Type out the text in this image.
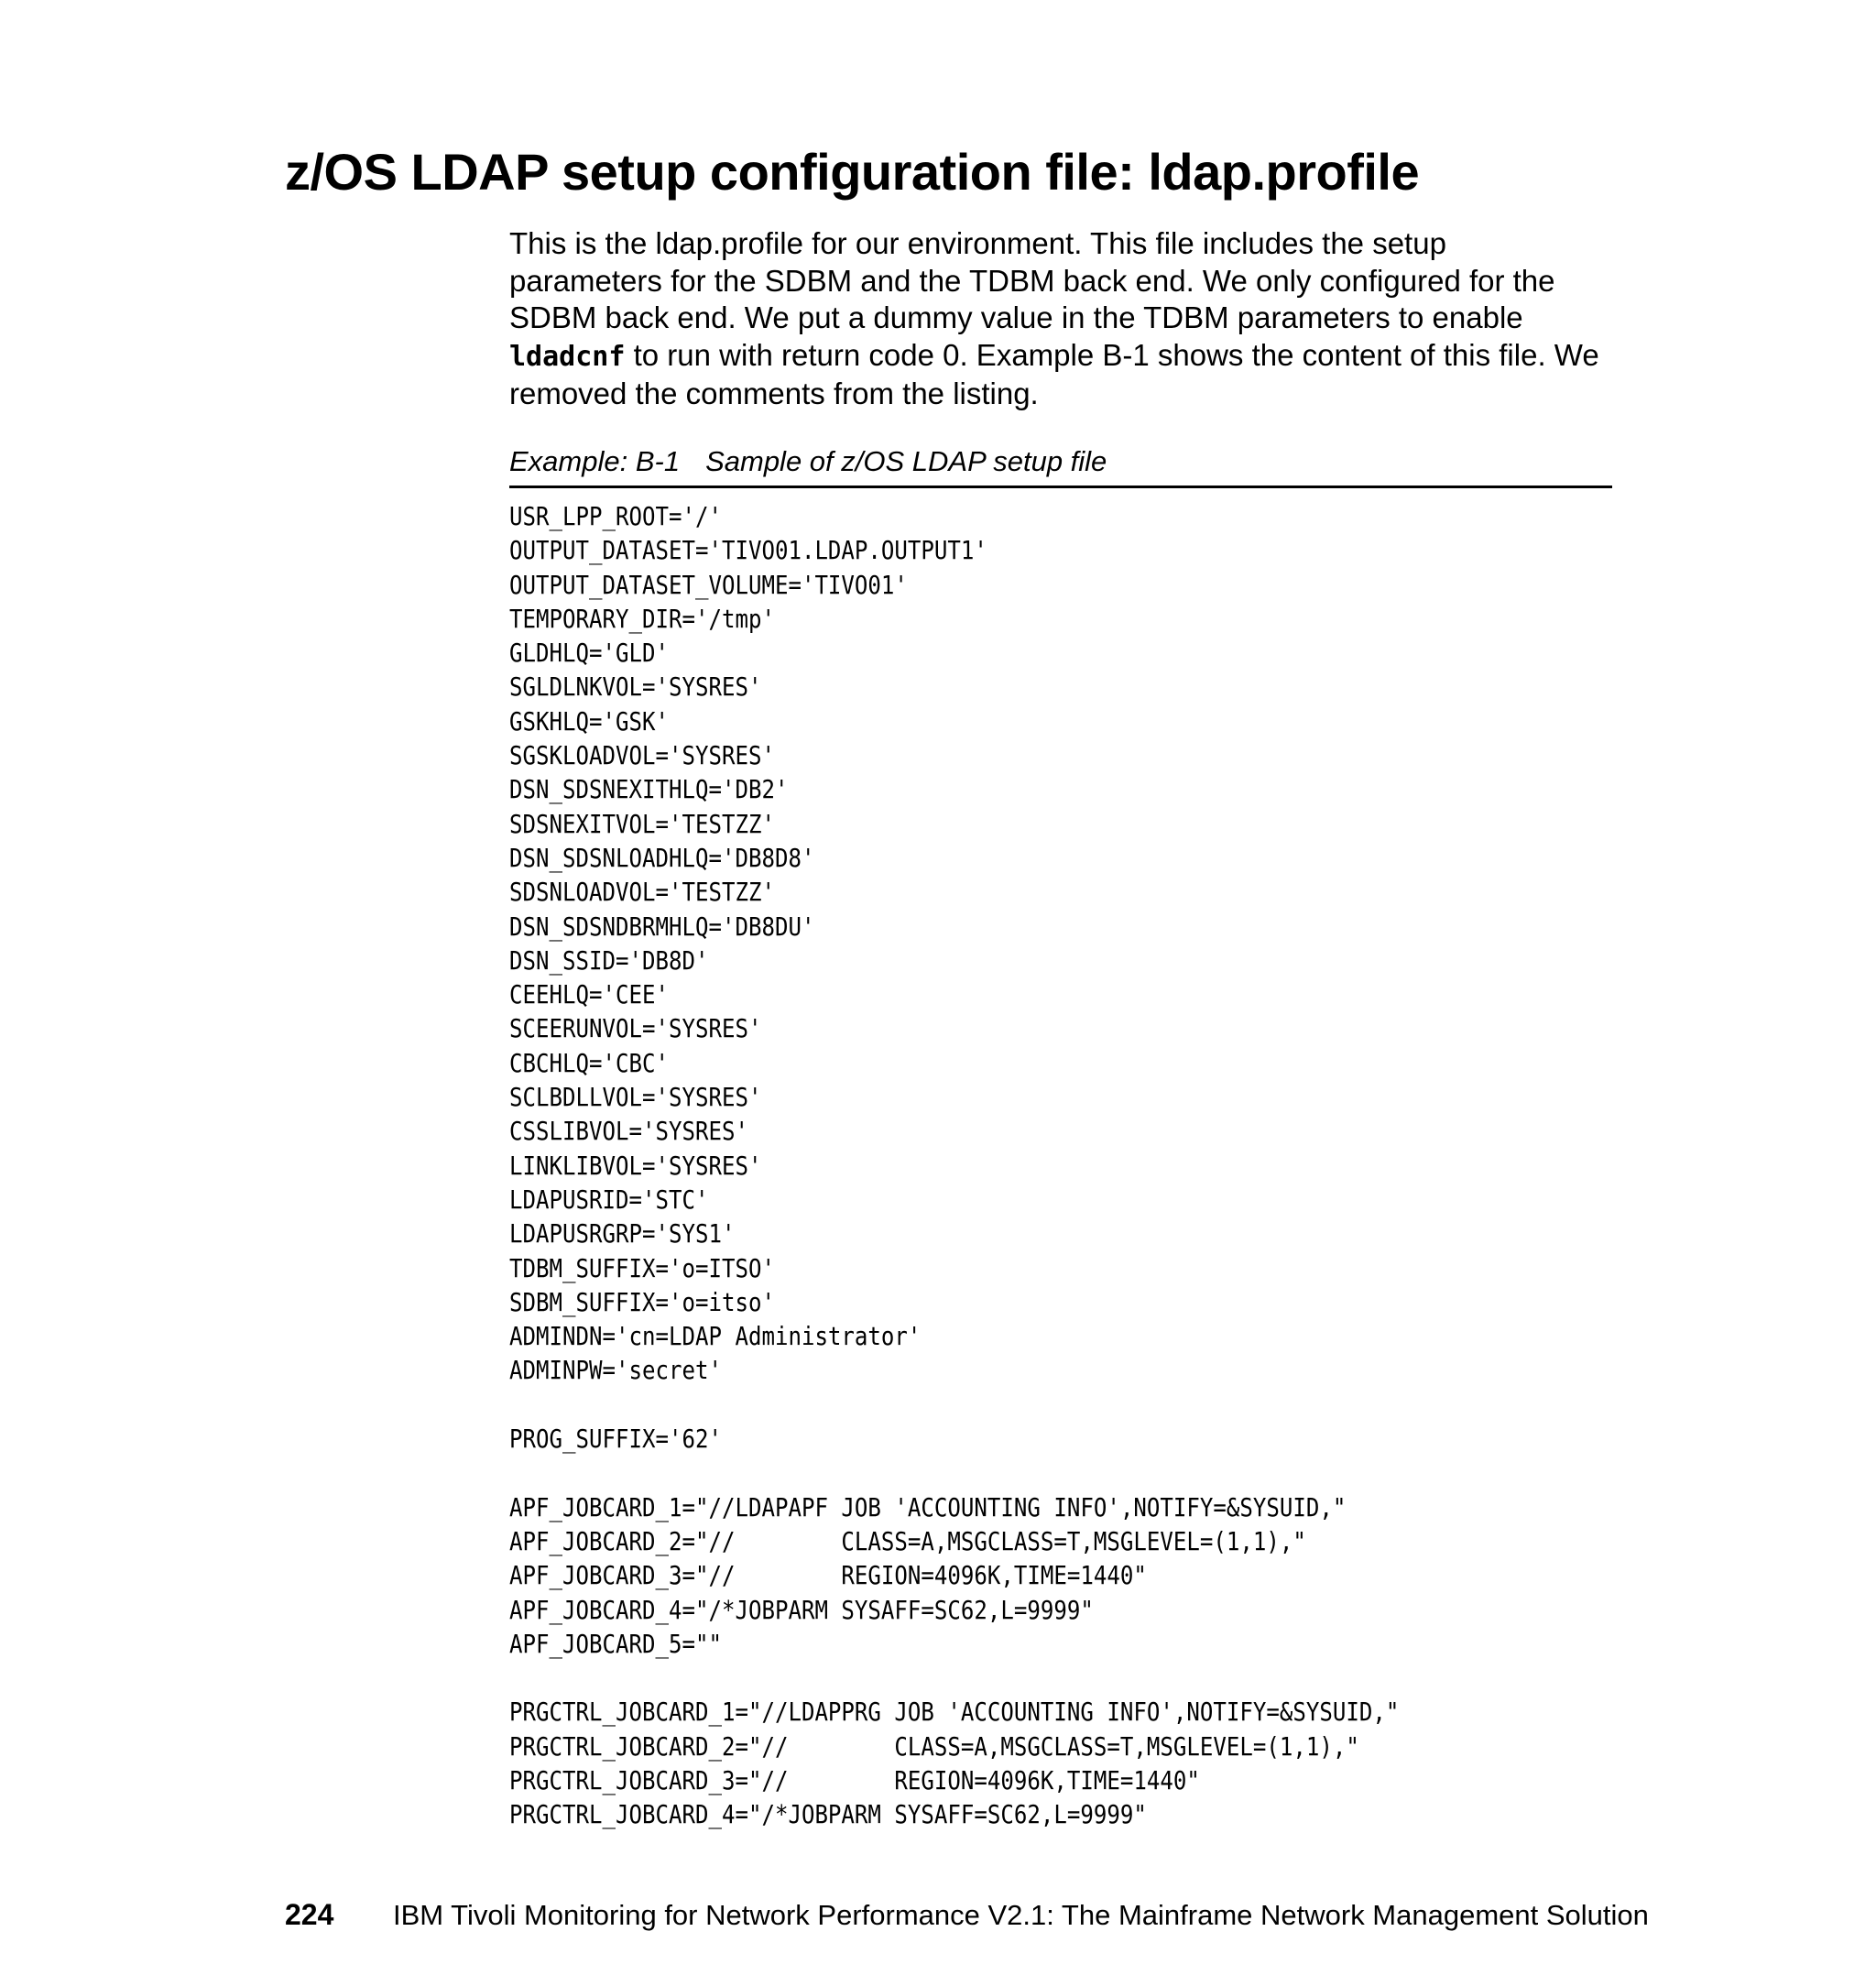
z/OS LDAP setup configuration file: ldap.profile
This is the ldap.profile for our environment. This file includes the setup
parameters for the SDBM and the TDBM back end. We only configured for the
SDBM back end. We put a dummy value in the TDBM parameters to enable
ldadcnf to run with return code 0. Example B-1 shows the content of this file. We
removed the comments from the listing.
Example: B-1 Sample of z/OS LDAP setup file
USR_LPP_ROOT='/'
OUTPUT_DATASET='TIVO01.LDAP.OUTPUT1'
OUTPUT_DATASET_VOLUME='TIVO01'
TEMPORARY_DIR='/tmp'
GLDHLQ='GLD'
SGLDLNKVOL='SYSRES'
GSKHLQ='GSK'
SGSKLOADVOL='SYSRES'
DSN_SDSNEXITHLQ='DB2'
SDSNEXITVOL='TESTZZ'
DSN_SDSNLOADHLQ='DB8D8'
SDSNLOADVOL='TESTZZ'
DSN_SDSNDBRMHLQ='DB8DU'
DSN_SSID='DB8D'
CEEHLQ='CEE'
SCEERUNVOL='SYSRES'
CBCHLQ='CBC'
SCLBDLLVOL='SYSRES'
CSSLIBVOL='SYSRES'
LINKLIBVOL='SYSRES'
LDAPUSRID='STC'
LDAPUSRGRP='SYS1'
TDBM_SUFFIX='o=ITSO'
SDBM_SUFFIX='o=itso'
ADMINDN='cn=LDAP Administrator'
ADMINPW='secret'
PROG_SUFFIX='62'
APF_JOBCARD_1="//LDAPAPF JOB 'ACCOUNTING INFO',NOTIFY=&SYSUID,"
APF_JOBCARD_2="//        CLASS=A,MSGCLASS=T,MSGLEVEL=(1,1),"
APF_JOBCARD_3="//        REGION=4096K,TIME=1440"
APF_JOBCARD_4="/*JOBPARM SYSAFF=SC62,L=9999"
APF_JOBCARD_5=""
PRGCTRL_JOBCARD_1="//LDAPPRG JOB 'ACCOUNTING INFO',NOTIFY=&SYSUID,"
PRGCTRL_JOBCARD_2="//        CLASS=A,MSGCLASS=T,MSGLEVEL=(1,1),"
PRGCTRL_JOBCARD_3="//        REGION=4096K,TIME=1440"
PRGCTRL_JOBCARD_4="/*JOBPARM SYSAFF=SC62,L=9999"
224 IBM Tivoli Monitoring for Network Performance V2.1: The Mainframe Network Management Solution
